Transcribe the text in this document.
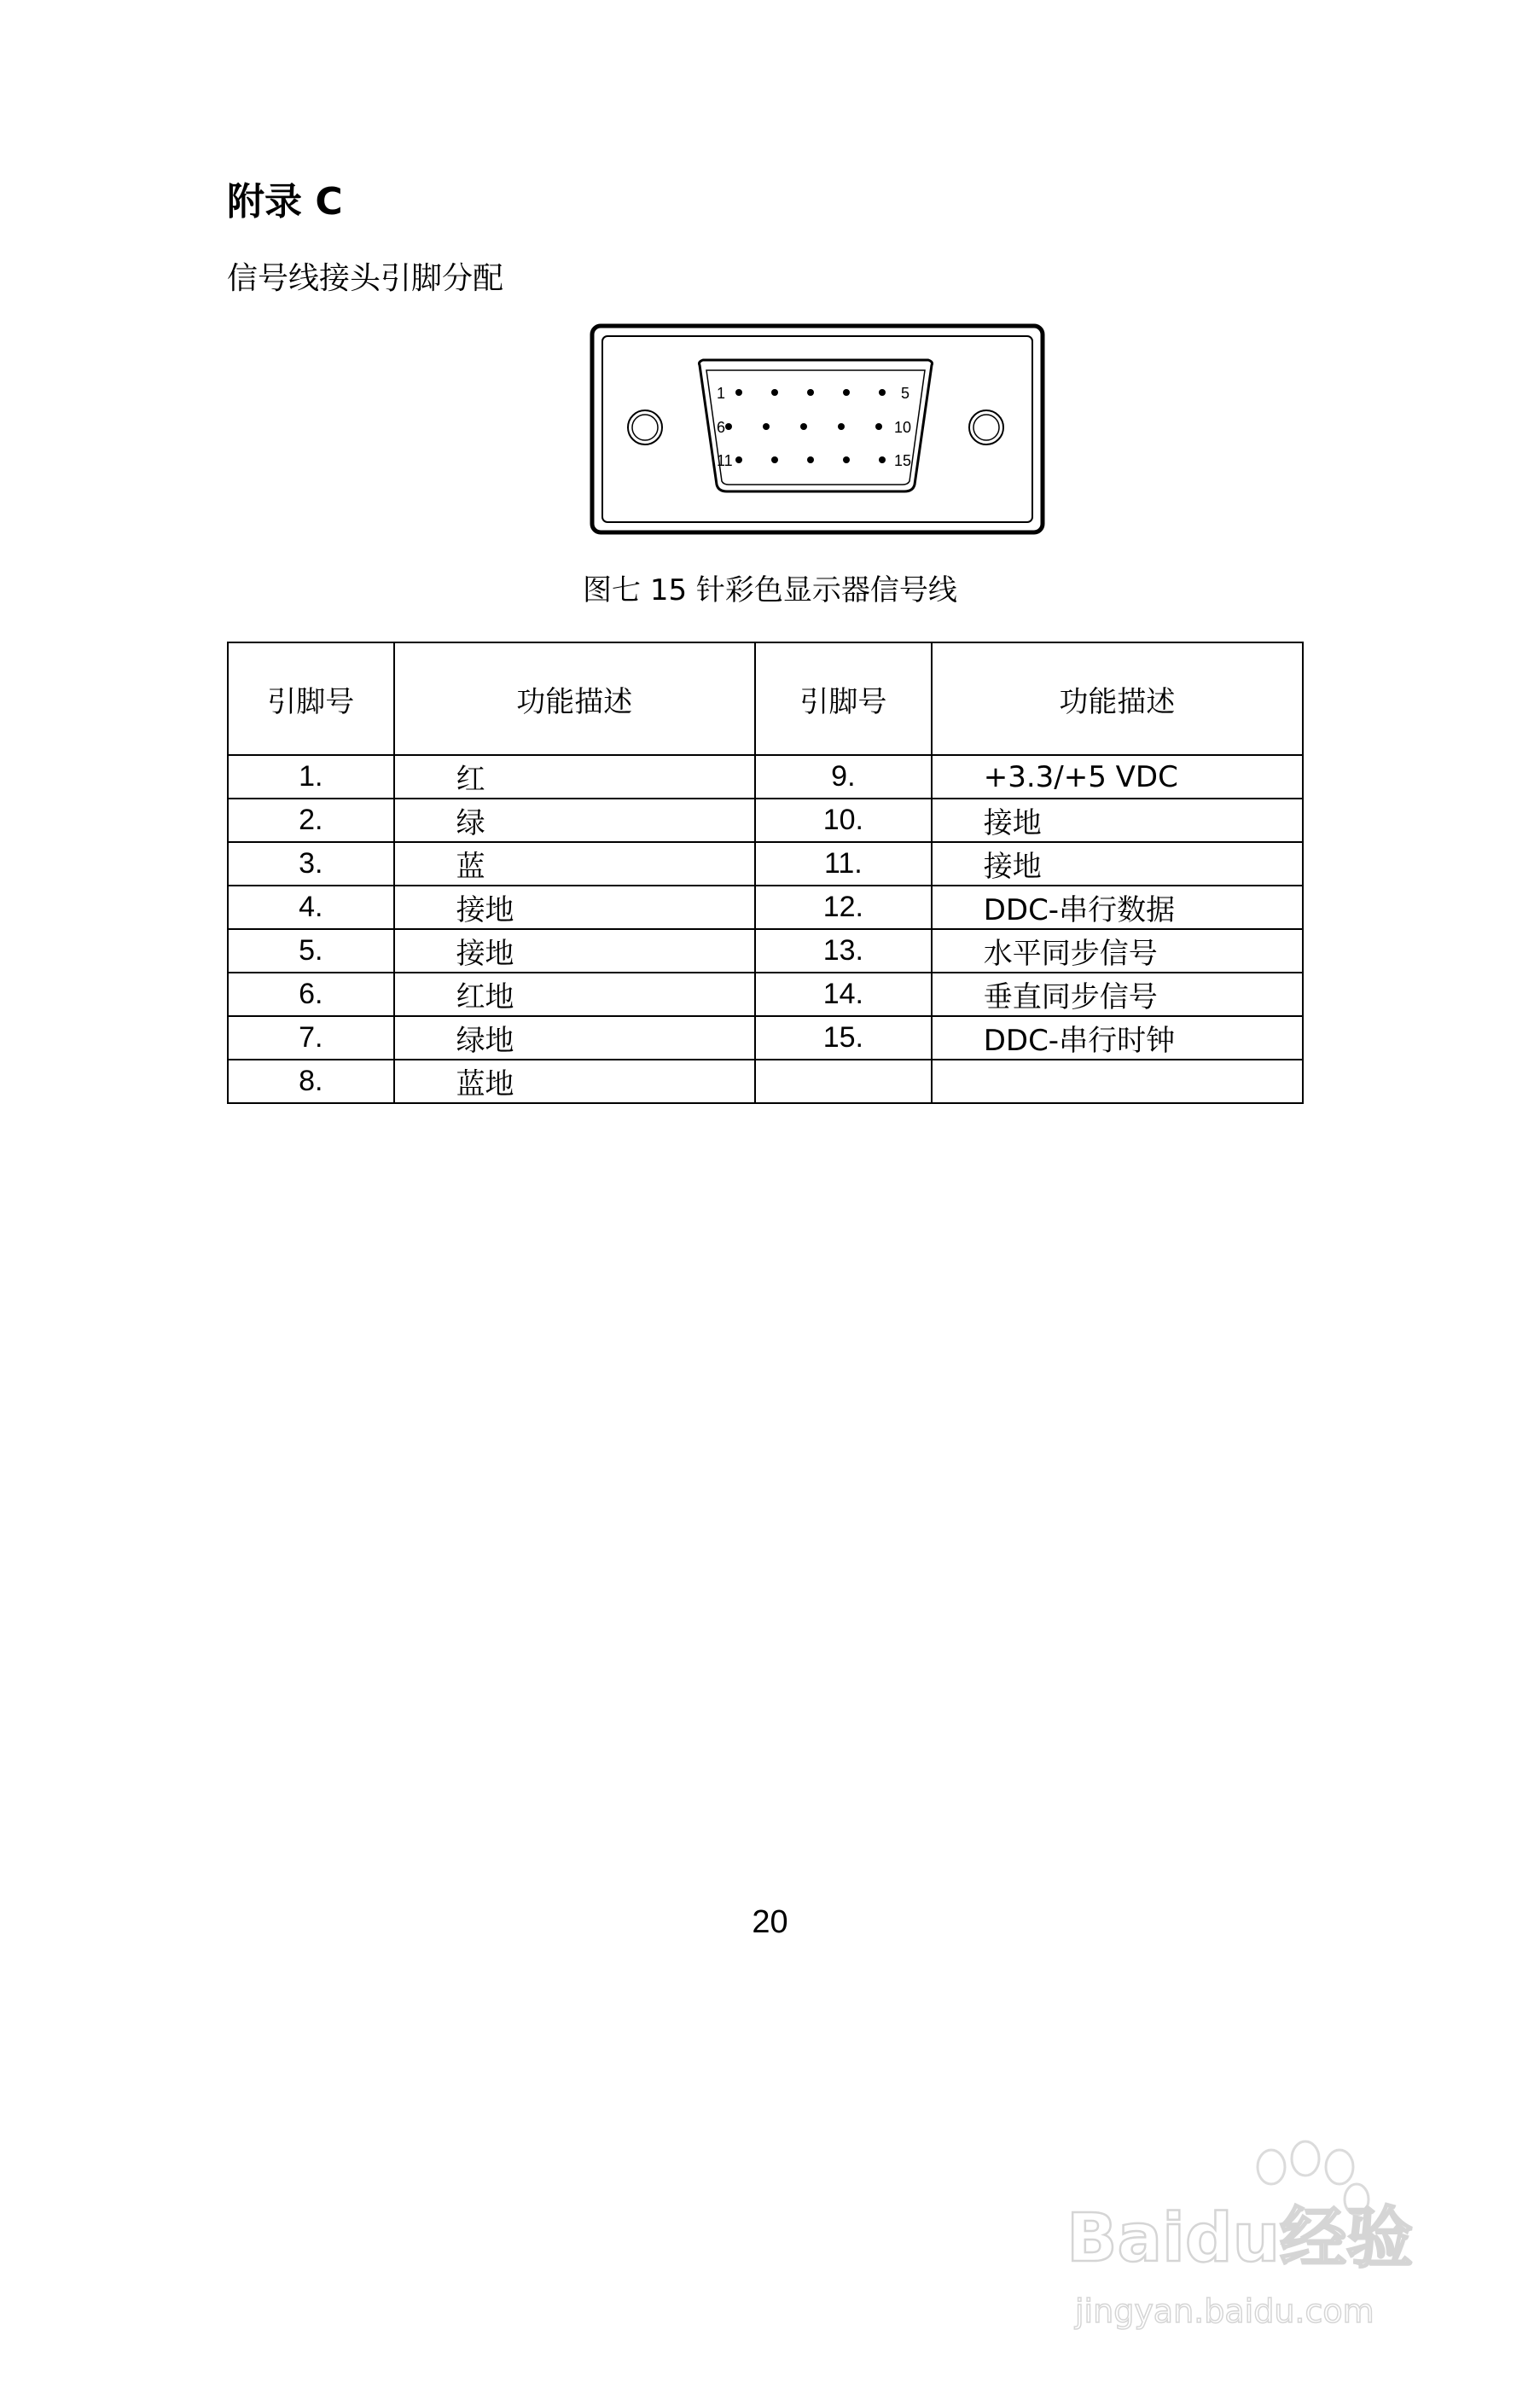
附录 C
信号线接头引脚分配
1	5
6	10
11	15
图七 15 针彩色显示器信号线
引脚号	功能描述	引脚号	功能描述
1.	红	9.	+3.3/+5 VDC
2.	绿	10.	接地
3.	蓝	11.	接地
4.	接地	12.	DDC-串行数据
5.	接地	13.	水平同步信号
6.	红地	14.	垂直同步信号
7.	绿地	15.	DDC-串行时钟
8.	蓝地		
20
Baidu经验
jingyan.baidu.com
